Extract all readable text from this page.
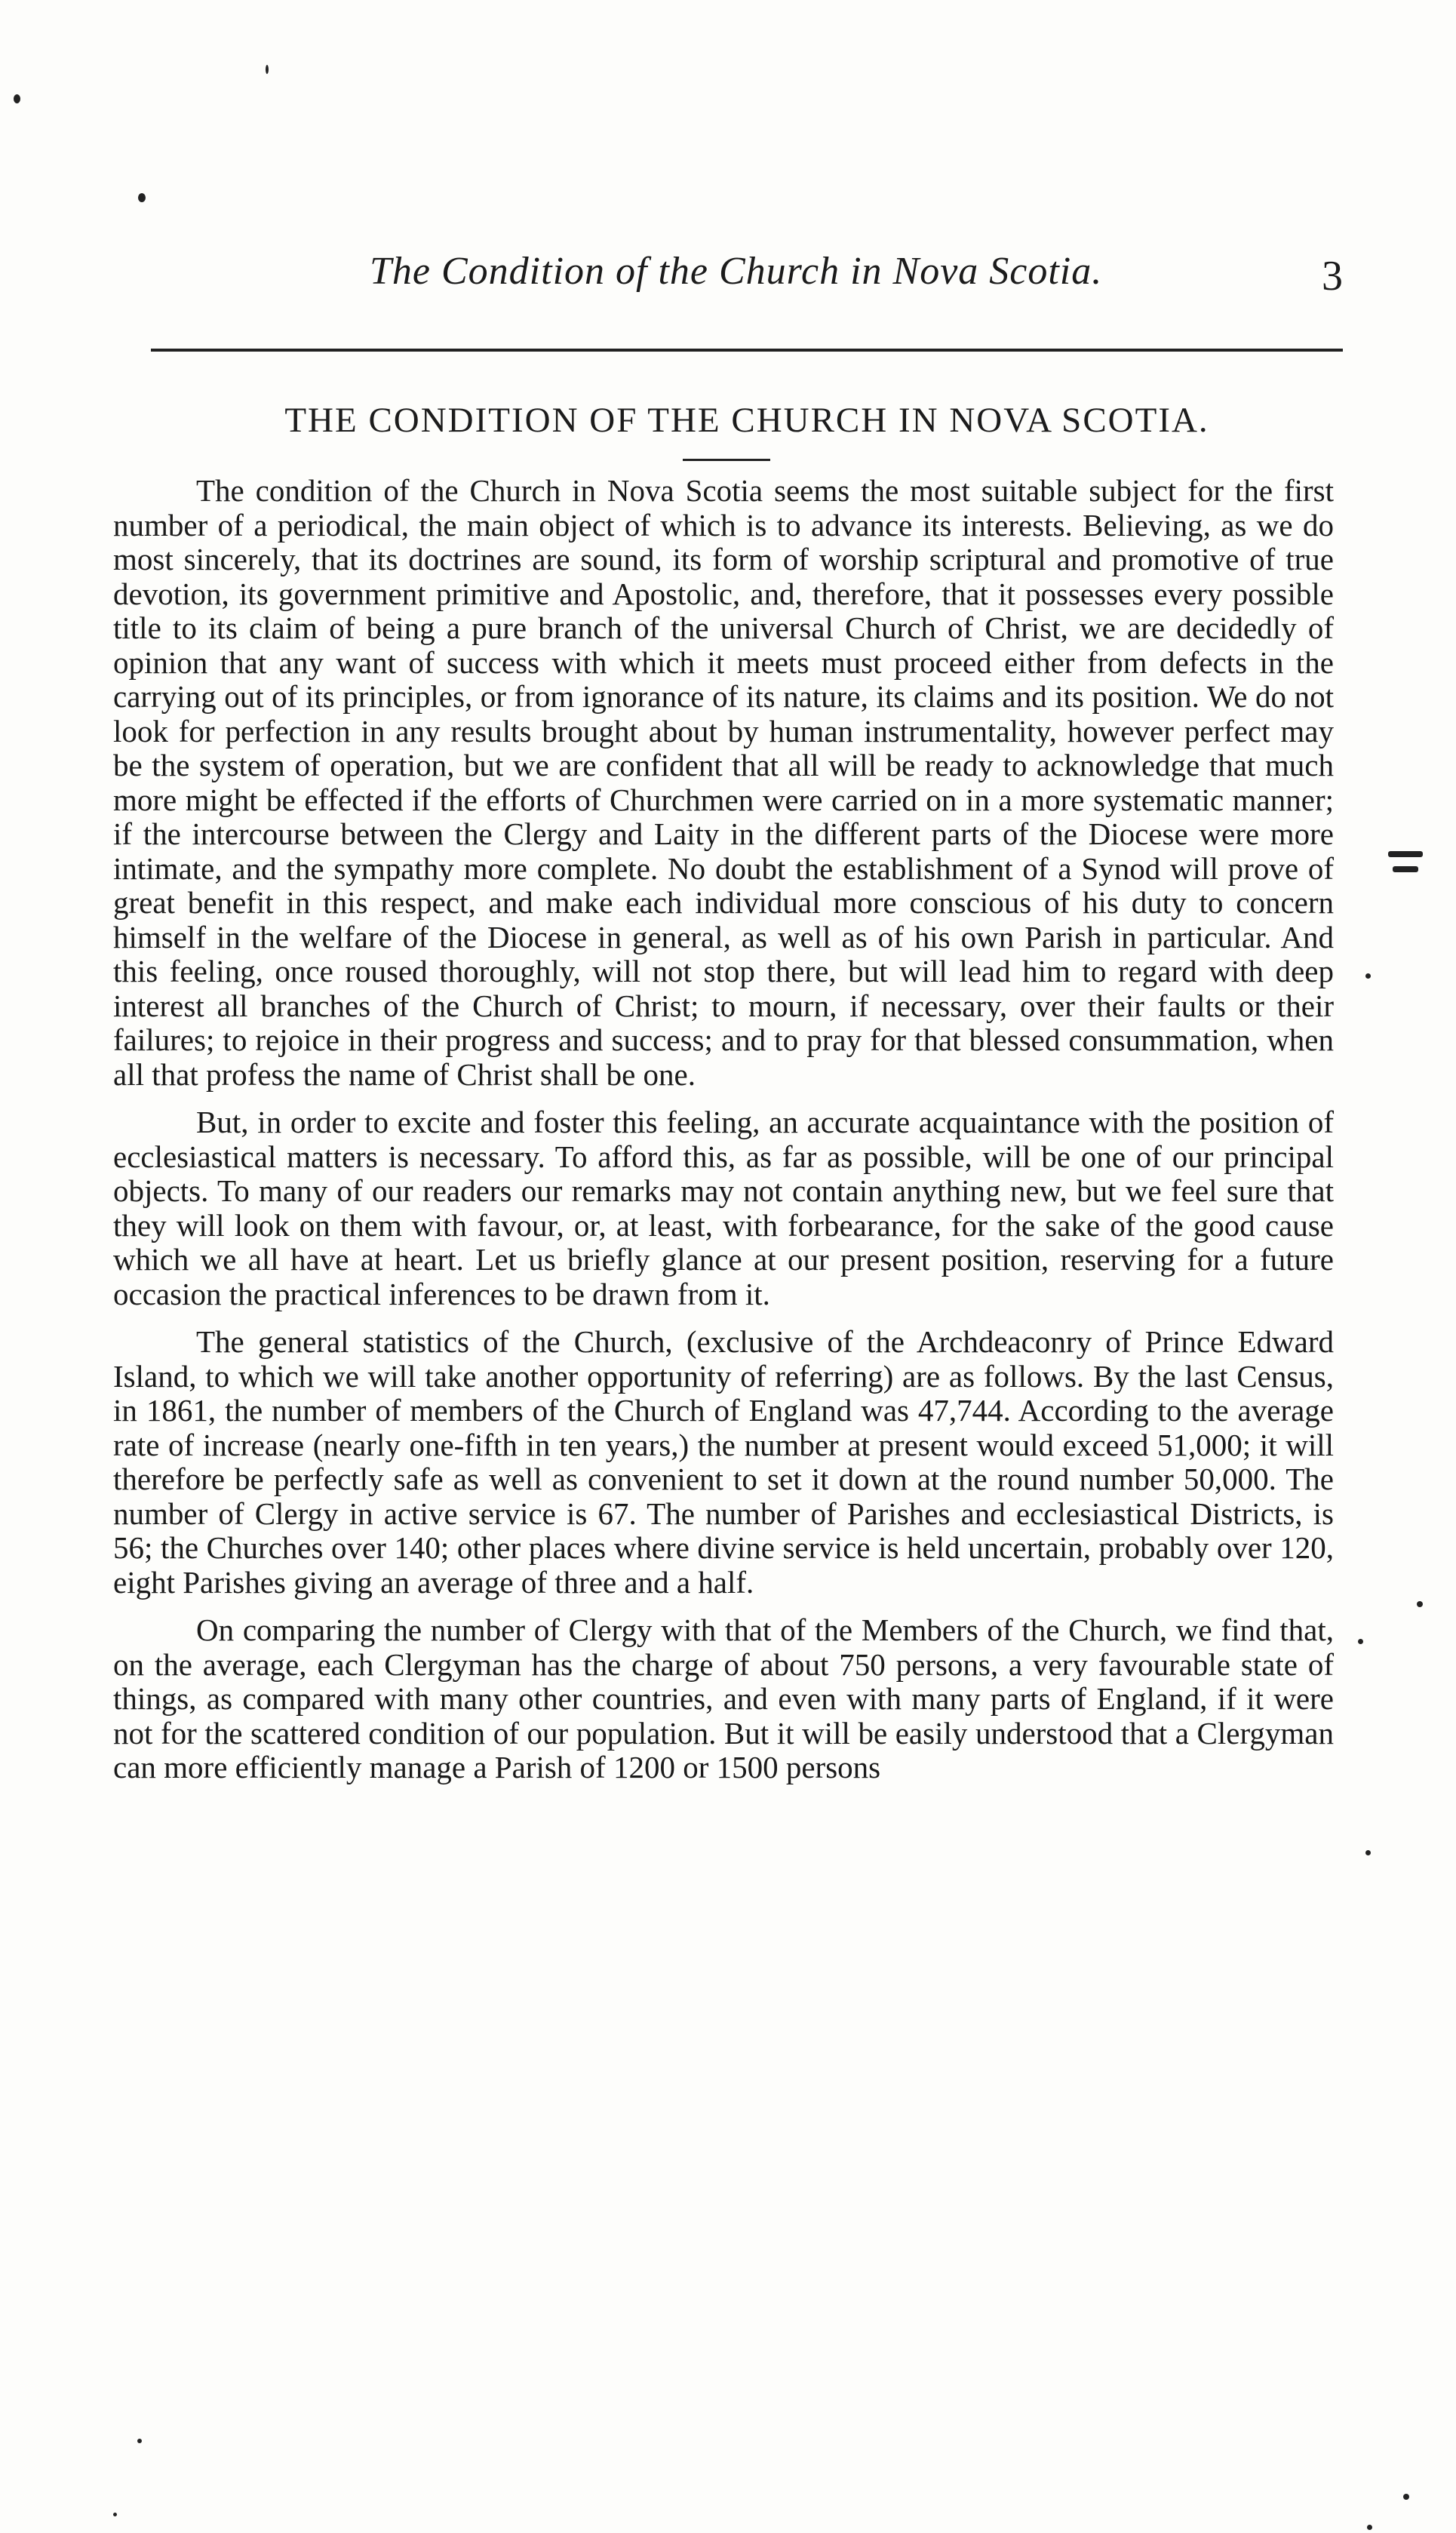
The Condition of the Church in Nova Scotia.	3
THE CONDITION OF THE CHURCH IN NOVA SCOTIA.

The condition of the Church in Nova Scotia seems the most suitable subject for the first number of a periodical, the main object of which is to advance its interests. Believing, as we do most sincerely, that its doctrines are sound, its form of worship scriptural and promotive of true devotion, its government primitive and Apostolic, and, therefore, that it possesses every possible title to its claim of being a pure branch of the universal Church of Christ, we are decidedly of opinion that any want of success with which it meets must proceed either from defects in the carrying out of its principles, or from ignorance of its nature, its claims and its position. We do not look for perfection in any results brought about by human instrumentality, however perfect may be the system of operation, but we are confident that all will be ready to acknowledge that much more might be effected if the efforts of Churchmen were carried on in a more systematic manner; if the intercourse between the Clergy and Laity in the different parts of the Diocese were more intimate, and the sympathy more complete. No doubt the establishment of a Synod will prove of great benefit in this respect, and make each individual more conscious of his duty to concern himself in the welfare of the Diocese in general, as well as of his own Parish in particular. And this feeling, once roused thoroughly, will not stop there, but will lead him to regard with deep interest all branches of the Church of Christ; to mourn, if necessary, over their faults or their failures; to rejoice in their progress and success; and to pray for that blessed consummation, when all that profess the name of Christ shall be one.

But, in order to excite and foster this feeling, an accurate acquaintance with the position of ecclesiastical matters is necessary. To afford this, as far as possible, will be one of our principal objects. To many of our readers our remarks may not contain anything new, but we feel sure that they will look on them with favour, or, at least, with forbearance, for the sake of the good cause which we all have at heart. Let us briefly glance at our present position, reserving for a future occasion the practical inferences to be drawn from it.

The general statistics of the Church, (exclusive of the Archdeaconry of Prince Edward Island, to which we will take another opportunity of referring) are as follows. By the last Census, in 1861, the number of members of the Church of England was 47,744. According to the average rate of increase (nearly one-fifth in ten years,) the number at present would exceed 51,000; it will therefore be perfectly safe as well as convenient to set it down at the round number 50,000. The number of Clergy in active service is 67. The number of Parishes and ecclesiastical Districts, is 56; the Churches over 140; other places where divine service is held uncertain, probably over 120, eight Parishes giving an average of three and a half.

On comparing the number of Clergy with that of the Members of the Church, we find that, on the average, each Clergyman has the charge of about 750 persons, a very favourable state of things, as compared with many other countries, and even with many parts of England, if it were not for the scattered condition of our population. But it will be easily understood that a Clergyman can more efficiently manage a Parish of 1200 or 1500 persons
